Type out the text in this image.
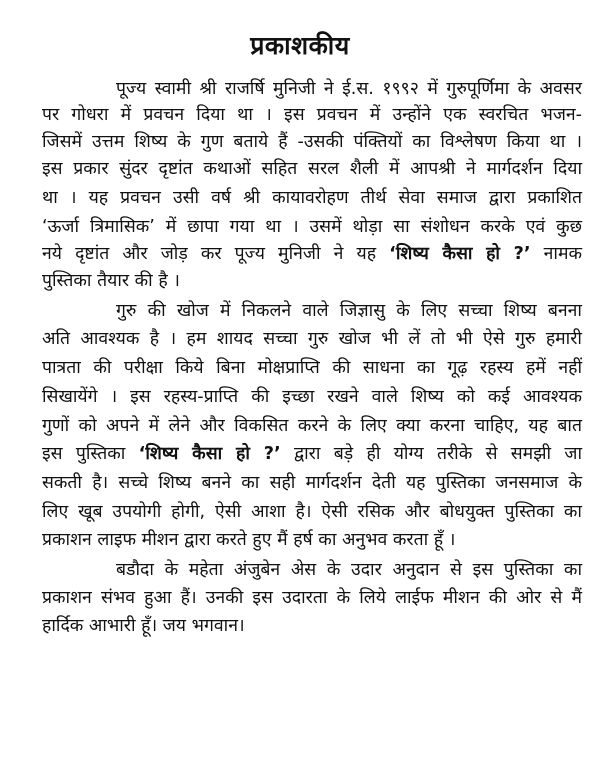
प्रकाशकीय
पूज्य स्वामी श्री राजर्षि मुनिजी ने ई.स. १९९२ में गुरुपूर्णिमा के अवसर
पर गोधरा में प्रवचन दिया था । इस प्रवचन में उन्होंने एक स्वरचित भजन-
जिसमें उत्तम शिष्य के गुण बताये हैं -उसकी पंक्तियों का विश्लेषण किया था ।
इस प्रकार सुंदर दृष्टांत कथाओं सहित सरल शैली में आपश्री ने मार्गदर्शन दिया
था । यह प्रवचन उसी वर्ष श्री कायावरोहण तीर्थ सेवा समाज द्वारा प्रकाशित
‘ऊर्जा त्रिमासिक’ में छापा गया था । उसमें थोड़ा सा संशोधन करके एवं कुछ
नये दृष्टांत और जोड़ कर पूज्य मुनिजी ने यह ‘शिष्य कैसा हो ?’ नामक
पुस्तिका तैयार की है ।
गुरु की खोज में निकलने वाले जिज्ञासु के लिए सच्चा शिष्य बनना
अति आवश्यक है । हम शायद सच्चा गुरु खोज भी लें तो भी ऐसे गुरु हमारी
पात्रता की परीक्षा किये बिना मोक्षप्राप्ति की साधना का गूढ़ रहस्य हमें नहीं
सिखायेंगे । इस रहस्य-प्राप्ति की इच्छा रखने वाले शिष्य को कई आवश्यक
गुणों को अपने में लेने और विकसित करने के लिए क्या करना चाहिए, यह बात
इस पुस्तिका ‘शिष्य कैसा हो ?’ द्वारा बड़े ही योग्य तरीके से समझी जा
सकती है। सच्चे शिष्य बनने का सही मार्गदर्शन देती यह पुस्तिका जनसमाज के
लिए खूब उपयोगी होगी, ऐसी आशा है। ऐसी रसिक और बोधयुक्त पुस्तिका का
प्रकाशन लाइफ मीशन द्वारा करते हुए मैं हर्ष का अनुभव करता हूँ ।
बडौदा के महेता अंजुबेन अेस के उदार अनुदान से इस पुस्तिका का
प्रकाशन संभव हुआ हैं। उनकी इस उदारता के लिये लाईफ मीशन की ओर से मैं
हार्दिक आभारी हूँ। जय भगवान।
